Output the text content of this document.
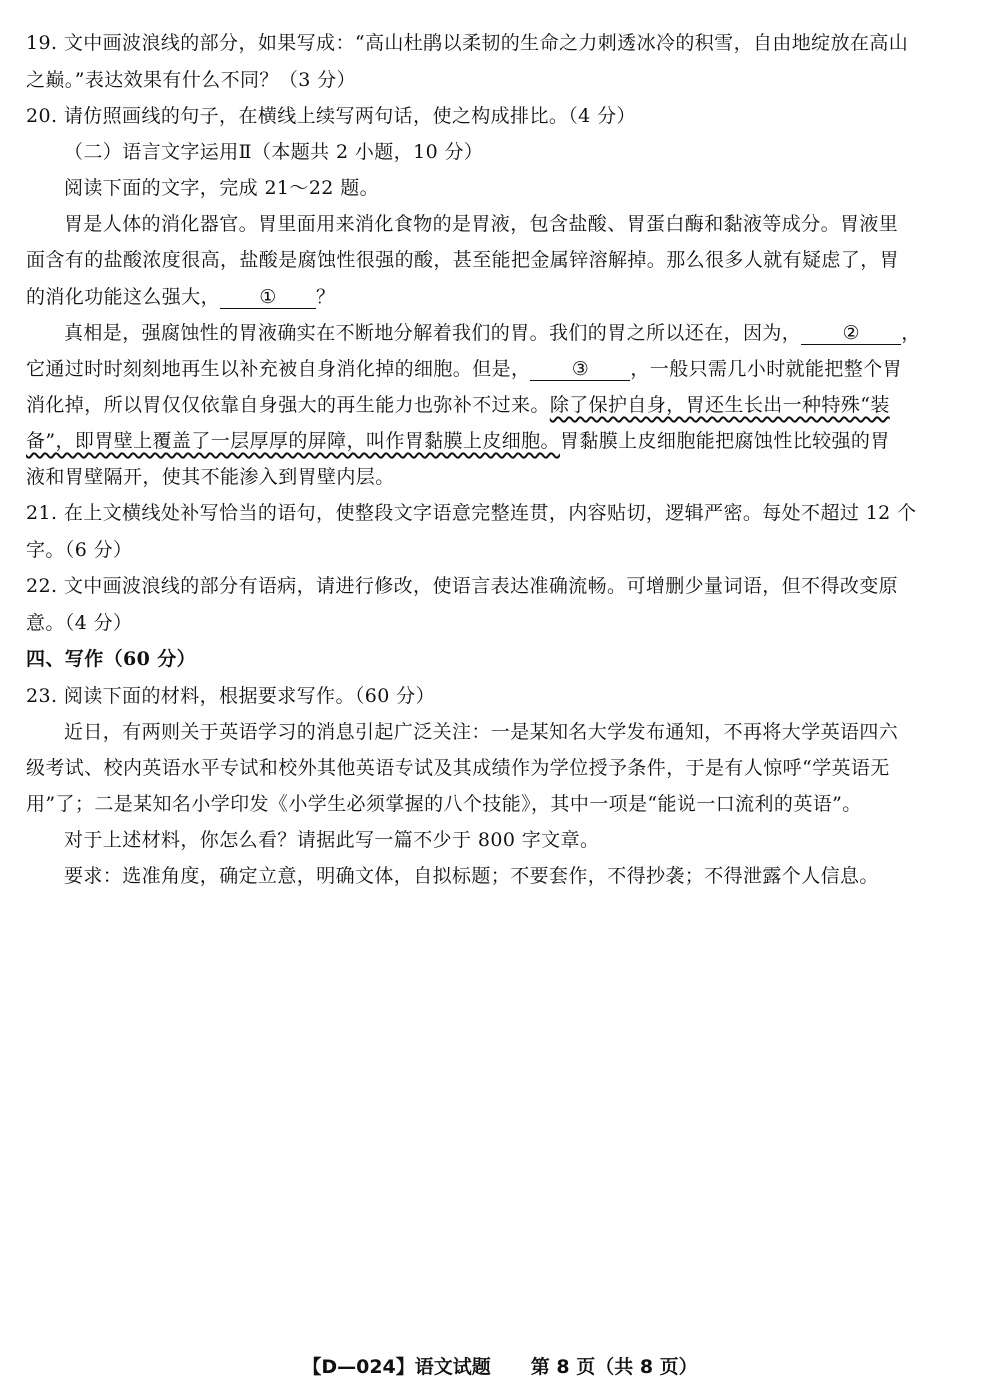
19. 文中画波浪线的部分，如果写成：“高山杜鹃以柔韧的生命之力刺透冰冷的积雪，自由地绽放在高山

之巅。”表达效果有什么不同？（3 分）

20. 请仿照画线的句子，在横线上续写两句话，使之构成排比。（4 分）

（二）语言文字运用Ⅱ（本题共 2 小题，10 分）

阅读下面的文字，完成 21～22 题。

胃是人体的消化器官。胃里面用来消化食物的是胃液，包含盐酸、胃蛋白酶和黏液等成分。胃液里

面含有的盐酸浓度很高，盐酸是腐蚀性很强的酸，甚至能把金属锌溶解掉。那么很多人就有疑虑了，胃

的消化功能这么强大， ① ？

真相是，强腐蚀性的胃液确实在不断地分解着我们的胃。我们的胃之所以还在，因为， ② ，

它通过时时刻刻地再生以补充被自身消化掉的细胞。但是， ③ ，一般只需几小时就能把整个胃

消化掉，所以胃仅仅依靠自身强大的再生能力也弥补不过来。除了保护自身，胃还生长出一种特殊“装

备”，即胃壁上覆盖了一层厚厚的屏障，叫作胃黏膜上皮细胞。胃黏膜上皮细胞能把腐蚀性比较强的胃

液和胃壁隔开，使其不能渗入到胃壁内层。

21. 在上文横线处补写恰当的语句，使整段文字语意完整连贯，内容贴切，逻辑严密。每处不超过 12 个

字。（6 分）

22. 文中画波浪线的部分有语病，请进行修改，使语言表达准确流畅。可增删少量词语，但不得改变原

意。（4 分）

四、写作（60 分）

23. 阅读下面的材料，根据要求写作。（60 分）

近日，有两则关于英语学习的消息引起广泛关注：一是某知名大学发布通知，不再将大学英语四六

级考试、校内英语水平专试和校外其他英语专试及其成绩作为学位授予条件，于是有人惊呼“学英语无

用”了；二是某知名小学印发《小学生必须掌握的八个技能》，其中一项是“能说一口流利的英语”。

对于上述材料，你怎么看？请据此写一篇不少于 800 字文章。

要求：选准角度，确定立意，明确文体，自拟标题；不要套作，不得抄袭；不得泄露个人信息。

【D—024】语文试题 第 8 页（共 8 页）
